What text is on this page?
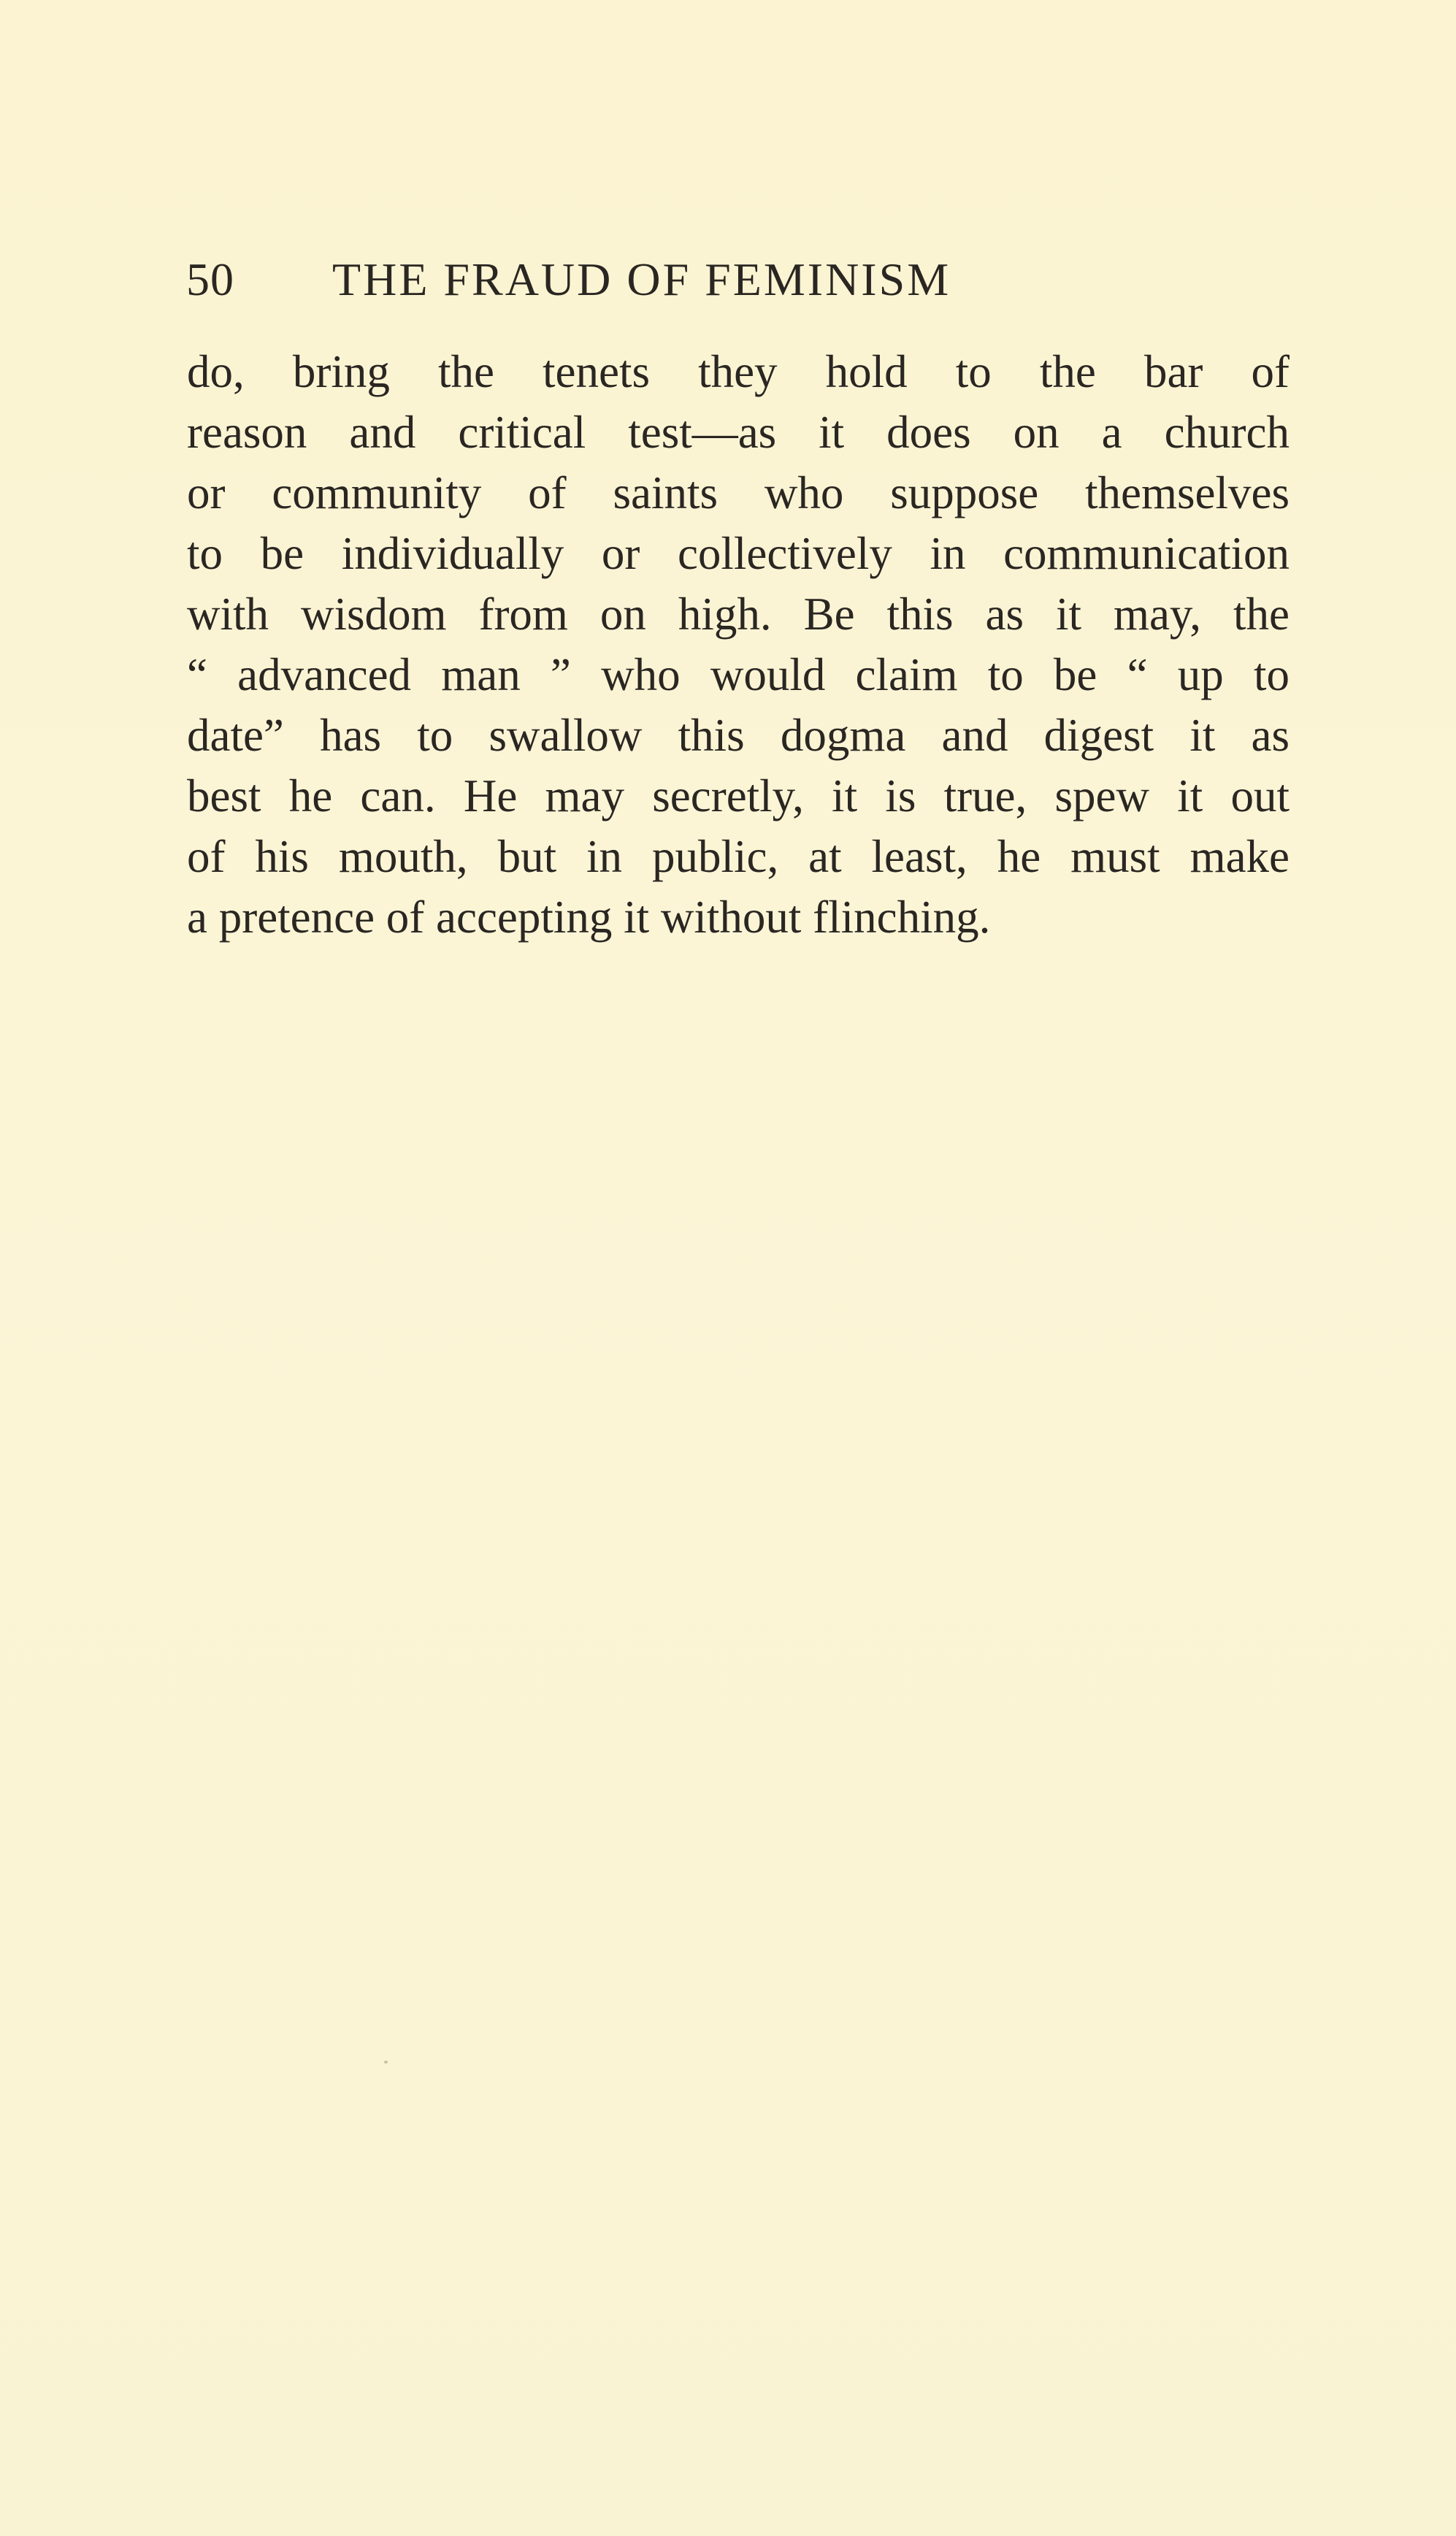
50	THE FRAUD OF FEMINISM
do, bring the tenets they hold to the bar of
reason and critical test—as it does on a church
or community of saints who suppose themselves
to be individually or collectively in communication
with wisdom from on high. Be this as it may, the
“ advanced man ” who would claim to be “ up to
date” has to swallow this dogma and digest it as
best he can. He may secretly, it is true, spew it out
of his mouth, but in public, at least, he must make
a pretence of accepting it without flinching.
